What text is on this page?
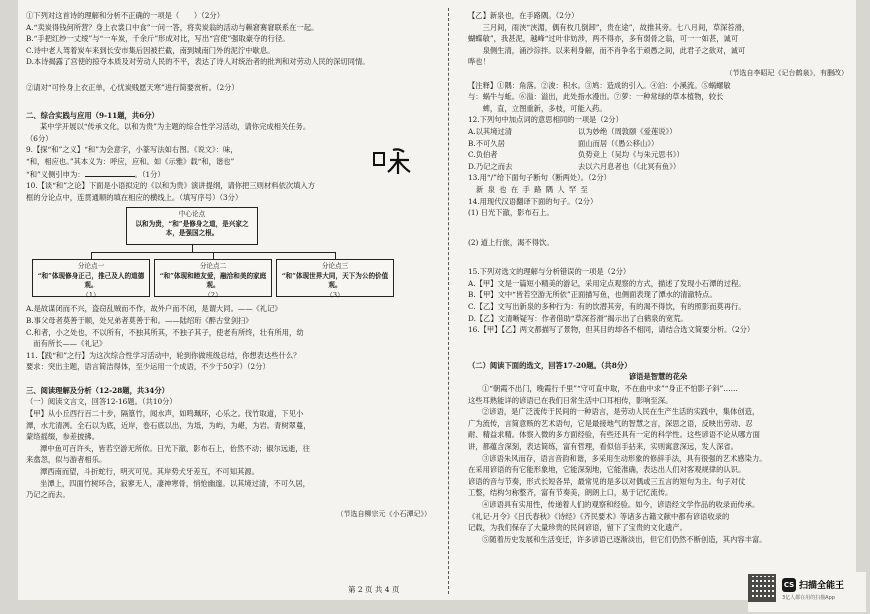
①下列对这首诗的理解和分析不正确的一项是（　　）（2分）
A.“卖炭得钱何所营？身上衣裳口中食”一问一答，将卖炭翁的活动与赖窘赛窘联系在一起。
B.“手把红纱一丈绫”与“一车炭，千余斤”形成对比，写出“宫使”强取豪夺的行径。
C.诗中老人驾着炭车来到长安市集后因被拦截，南到城南门外的泥泞中歇息。
D.本诗揭露了宫使的掠夺本质及对劳动人民的不平，表达了诗人对统治者的批判和对劳动人民的深切同情。
②请对“可怜身上衣正单，心忧炭贱愿天寒”进行简要赏析。（2分）
二、综合实践与应用（9-11题，共6分）
某中学开展以“传承文化，以和为贵”为主题的综合性学习活动，请你完成相关任务。
（6分）
9.【探“和”之义】“和”为会意字，小篆写法如右图。《说文》：味，
“和，相应也。”其本义为：呼应，应和。如《示雅》载“和，谐也”
“和”义侧引申为：	。（1分）
10.【谈“和”之论】下面是小语拟定的《以和为贵》演讲提纲，请你把三则材料依次填入方
框的分论点中，连贯通顺的填在相应的横线上。（填写序号）（3分）
中心论点
以和为贵，“和”是修身之道，是兴家之本，是强国之根。
分论点一
“和”体现修身正己，推己及人的道德观。
（1）
分论点二
“和”体现和睦友爱，融洽和美的家庭观。
（2）
分论点三
“和”体现世界大同，天下为公的价值观。
（3）
A.是故谋闭而不兴，盗窃乱贼而不作，故外户而不闭，是谓大同。——《礼记》
B.事父母者莫善于顺，处兄弟者莫善于和。——陆绍珩《醉古堂剑扫》
C.和者，小之处也，不以所有，不独其所其，不独子其子，使老有所终，壮有所用，幼
　而有所长——《礼记》
11.【践“和”之行】为这次综合性学习活动中，轮到你做班级总结，你想表达些什么？
要求：突出主题，语言简洁得体，至少运用一个成语，不少于50字）（2分）
三、阅读理解及分析（12-28题，共34分）
（一）阅读文言文，回答12-16题。（共10分）
【甲】从小丘西行百二十步，隔篁竹，闻水声，如鸣珮环，心乐之。伐竹取道，下见小
潭，水尤清冽。全石以为底，近岸，卷石底以出，为坻，为屿，为嵁，为岩。青树翠蔓，
蒙络摇缀，参差披拂。
潭中鱼可百许头，皆若空游无所依。日光下澈，影布石上，佁然不动；俶尔远逝，往
来翕忽，似与游者相乐。
潭西南而望，斗折蛇行，明灭可见。其岸势犬牙差互，不可知其源。
坐潭上，四面竹树环合，寂寥无人，凄神寒骨，悄怆幽邃。以其境过清，不可久居，
乃记之而去。
（节选自柳宗元《小石潭记》）
【乙】新泉也，在手路隅。（2分）
　　三月间，雨浃“浃湄，偶有枚几倒卸”，贵在途”，故推其旁。七八月间，草深苔滑，
蝴蝶敏”，我甚泥，越峰“过叶非妨涉，两不得亦，多有弱骨之翁，可一一如甚，诚可
　　泉侧生清，涌沙淙拌。以来利身解，而不肖争名于顽愚之间，此君子之欲对，诚可
哗也！
（节选自李昭玘《记台鹤泉》，有删改）
【注释】①隅：角落。②浚：积水。③鸠：造成的引入。④泊：小溪流。⑤蜗螺敏
与：蜗牛与蚯。⑥溢：溢出，此处指水漫出。⑦萝：一种常绿的草本植物，较长
　　蜱，直，立图重新，多枝，可能入药。
12.下列句中加点词的意思相同的一项是（2分）
A.以其境过清	以为妙绝（周敦颐《爱莲说》）
B.不可久居	面山而居（《愚公移山》）
C.负伯者	负势竞上（吴均《与朱元思书》）
D.乃记之而去	去以六月息者也（《北冥有鱼》）
13.用“/”给下面句子断句（断两处）。（2分）
新 泉 也 在 手 路 隅 人 罕 至
14.用现代汉语翻译下面的句子。（2分）
(1) 日光下澈，影布石上。
(2) 道上行旅，渴不得饮。
15.下列对选文的理解与分析错误的一项是（2分）
A.【甲】文是一篇短小精美的游记，采用定点观察的方式，描述了发现小石潭的过程。
B.【甲】文中“皆若空游无所依”正面描写鱼，也侧面表现了潭水的清澈特点。
C.【乙】文写出新泉的多种行为：有的饮潜其旁，有的渴不得饮，有的照影而莫再行。
D.【乙】文清晰疑写：作者借助“草深苔滑”揭示出了白鹤泉的宽荒。
16.【甲】【乙】两文都描写了景物，但其目的却各不相同，请结合选文简要分析。（2分）
（二）阅读下面的选文，回答17-20题。（共8分）
谚语是智慧的花朵
①“朝霞不出门，晚霞行千里”“守可直中取，不在曲中求”“身正不怕影子斜”……
这些耳熟能详的谚语已在我们日常生活中口耳相传，影响至深。
②谚语，是广泛流传于民间的一种语言，是劳动人民在生产生活的实践中，集体创造，
广为流传，言简意赅的艺术语句，它是最接地气的智慧之言，深思之语，反映出劳动、忍
耐、精益求精。体察入微的多方面经验，有些还具有一定的科学性。这些谚语不论从哪方面
讲，都蕴含深刻，表达简练，富有哲理，看似信手拈来，实则寓意深远，发人深省。
③谚语朱风而存，语言音韵和谐，多采用生动形象的修辞手法，具有很强的艺术感染力。
在采用谚语的有它能形象地，它能深刻地，它能准确，表达出人们对客观规律的认识。
谚语的音与节奏，形式长短各异，最常见的是多以对偶或三五言的短句为主。句子对仗
工整，结构匀称整齐，富有节奏美，朗朗上口，易于记忆流传。
④谚语具有实用性，传递着人们的观察和经验。如今，谚语经文学作品的收录而传承。
《礼记·月令》《吕氏春秋》《诗经》《齐民要术》等诸多古籍文献中都有谚语收录的
记载，为我们保存了大量珍贵的民间谚语，留下了宝贵的文化遗产。
⑤随着历史发展和生活变迁，许多谚语已逐渐淡出，但它们仍然不断创造，其内容丰富。
第 2 页 共 4 页	CS 扫描全能王
3亿人都在用的扫描App
